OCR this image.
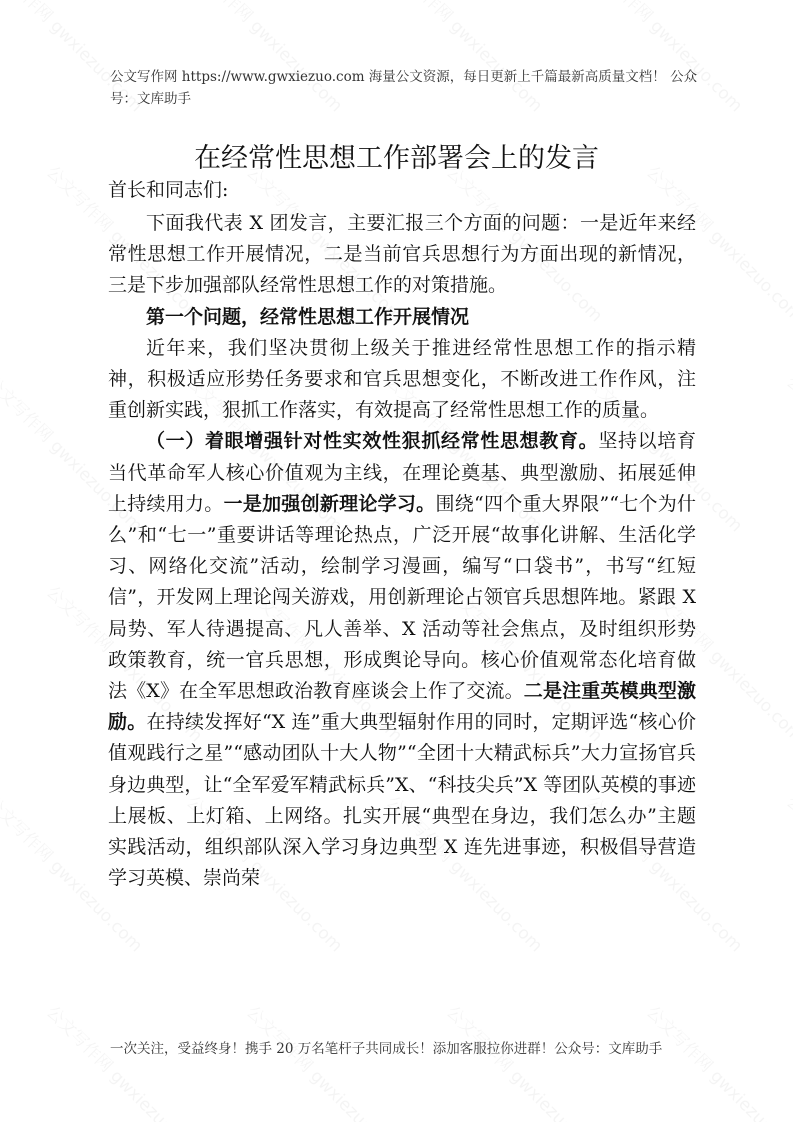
公文写作网 https://www.gwxiezuo.com 海量公文资源，每日更新上千篇最新高质量文档！ 公众号：文库助手
在经常性思想工作部署会上的发言
首长和同志们:

下面我代表 X 团发言，主要汇报三个方面的问题：一是近年来经常性思想工作开展情况，二是当前官兵思想行为方面出现的新情况，三是下步加强部队经常性思想工作的对策措施。

第一个问题，经常性思想工作开展情况

近年来，我们坚决贯彻上级关于推进经常性思想工作的指示精神，积极适应形势任务要求和官兵思想变化，不断改进工作作风，注重创新实践，狠抓工作落实，有效提高了经常性思想工作的质量。

（一）着眼增强针对性实效性狠抓经常性思想教育。坚持以培育当代革命军人核心价值观为主线，在理论奠基、典型激励、拓展延伸上持续用力。一是加强创新理论学习。围绕“四个重大界限”“七个为什么”和“七一”重要讲话等理论热点，广泛开展“故事化讲解、生活化学习、网络化交流”活动，绘制学习漫画，编写“口袋书”，书写“红短信”，开发网上理论闯关游戏，用创新理论占领官兵思想阵地。紧跟 X 局势、军人待遇提高、凡人善举、X 活动等社会焦点，及时组织形势政策教育，统一官兵思想，形成舆论导向。核心价值观常态化培育做法《X》在全军思想政治教育座谈会上作了交流。二是注重英模典型激励。在持续发挥好“X 连”重大典型辐射作用的同时，定期评选“核心价值观践行之星”“感动团队十大人物”“全团十大精武标兵”大力宣扬官兵身边典型，让“全军爱军精武标兵”X、“科技尖兵”X 等团队英模的事迹上展板、上灯箱、上网络。扎实开展“典型在身边，我们怎么办”主题实践活动，组织部队深入学习身边典型 X 连先进事迹，积极倡导营造学习英模、崇尚荣

一次关注，受益终身！携手 20 万名笔杆子共同成长！添加客服拉你进群！公众号：文库助手
